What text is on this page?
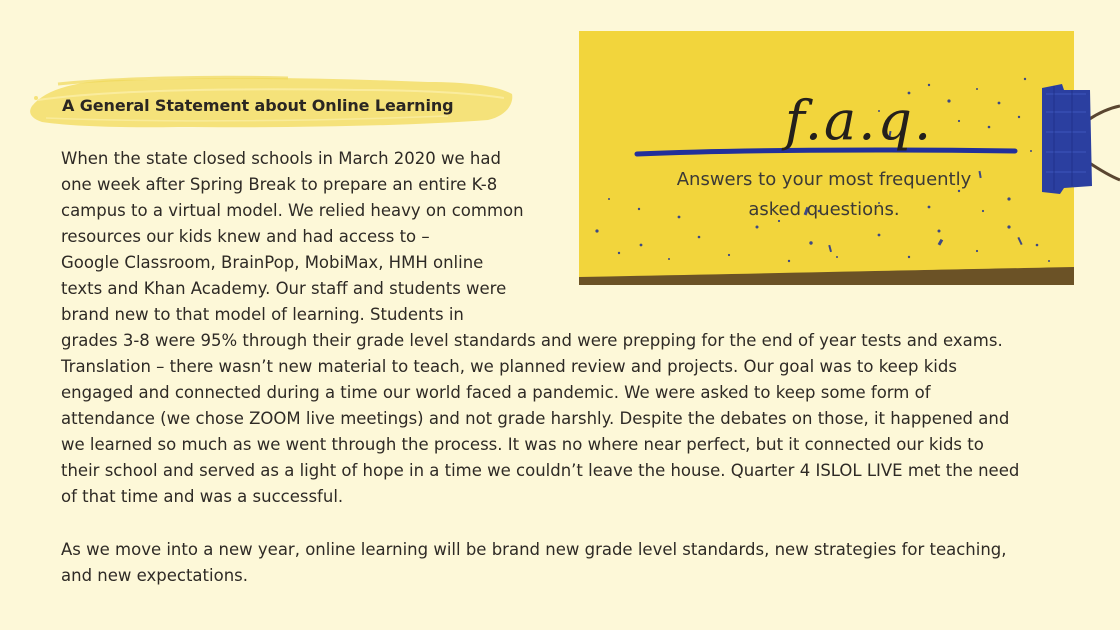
A General Statement about Online Learning	f.a.q.

Answers to your most frequently
asked questions.

When the state closed schools in March 2020 we had
one week after Spring Break to prepare an entire K-8
campus to a virtual model. We relied heavy on common
resources our kids knew and had access to –
Google Classroom, BrainPop, MobiMax, HMH online
texts and Khan Academy. Our staff and students were
brand new to that model of learning. Students in
grades 3-8 were 95% through their grade level standards and were prepping for the end of year tests and exams.
Translation – there wasn’t new material to teach, we planned review and projects. Our goal was to keep kids
engaged and connected during a time our world faced a pandemic. We were asked to keep some form of
attendance (we chose ZOOM live meetings) and not grade harshly. Despite the debates on those, it happened and
we learned so much as we went through the process. It was no where near perfect, but it connected our kids to
their school and served as a light of hope in a time we couldn’t leave the house. Quarter 4 ISLOL LIVE met the need
of that time and was a successful.
As we move into a new year, online learning will be brand new grade level standards, new strategies for teaching,
and new expectations.
